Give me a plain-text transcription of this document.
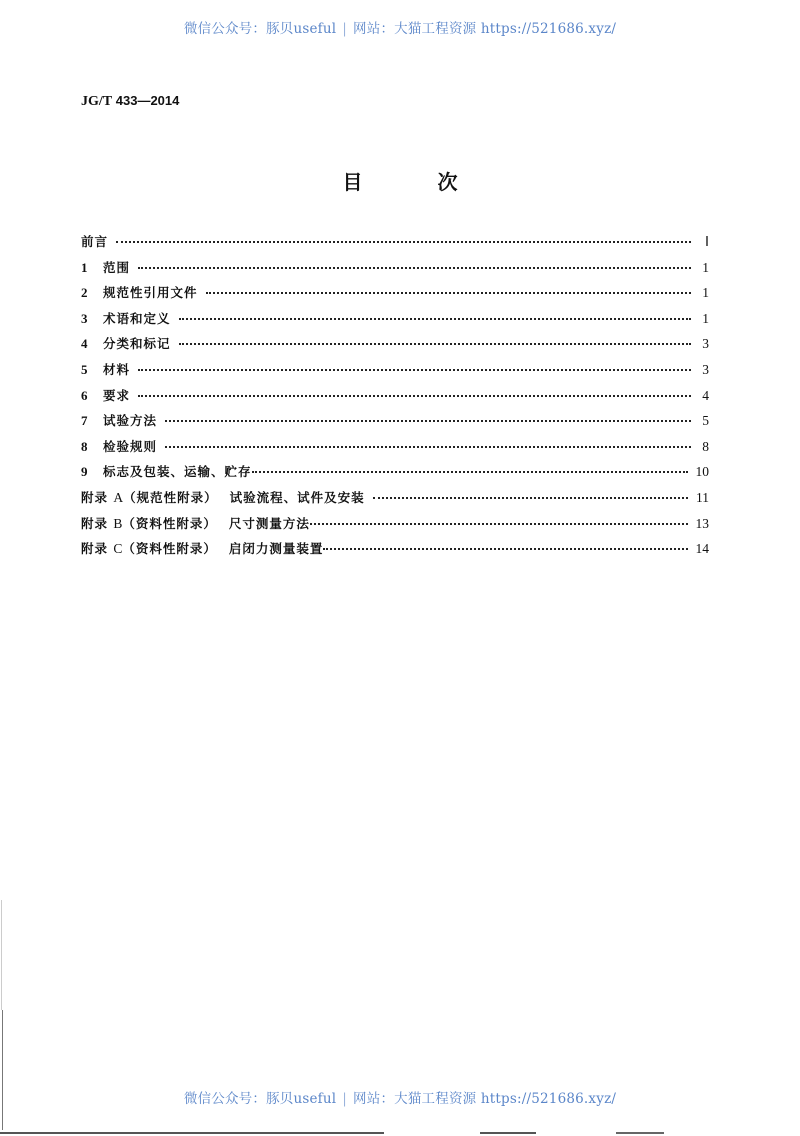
微信公众号：豚贝useful | 网站：大猫工程资源 https://521686.xyz/
JG/T 433—2014
目 次
前言	Ⅰ
1	范围	1
2	规范性引用文件	1
3	术语和定义	1
4	分类和标记	3
5	材料	3
6	要求	4
7	试验方法	5
8	检验规则	8
9	标志及包装、运输、贮存	10
附录 A（规范性附录） 试验流程、试件及安装	11
附录 B（资料性附录） 尺寸测量方法	13
附录 C（资料性附录） 启闭力测量装置	14
微信公众号：豚贝useful | 网站：大猫工程资源 https://521686.xyz/
